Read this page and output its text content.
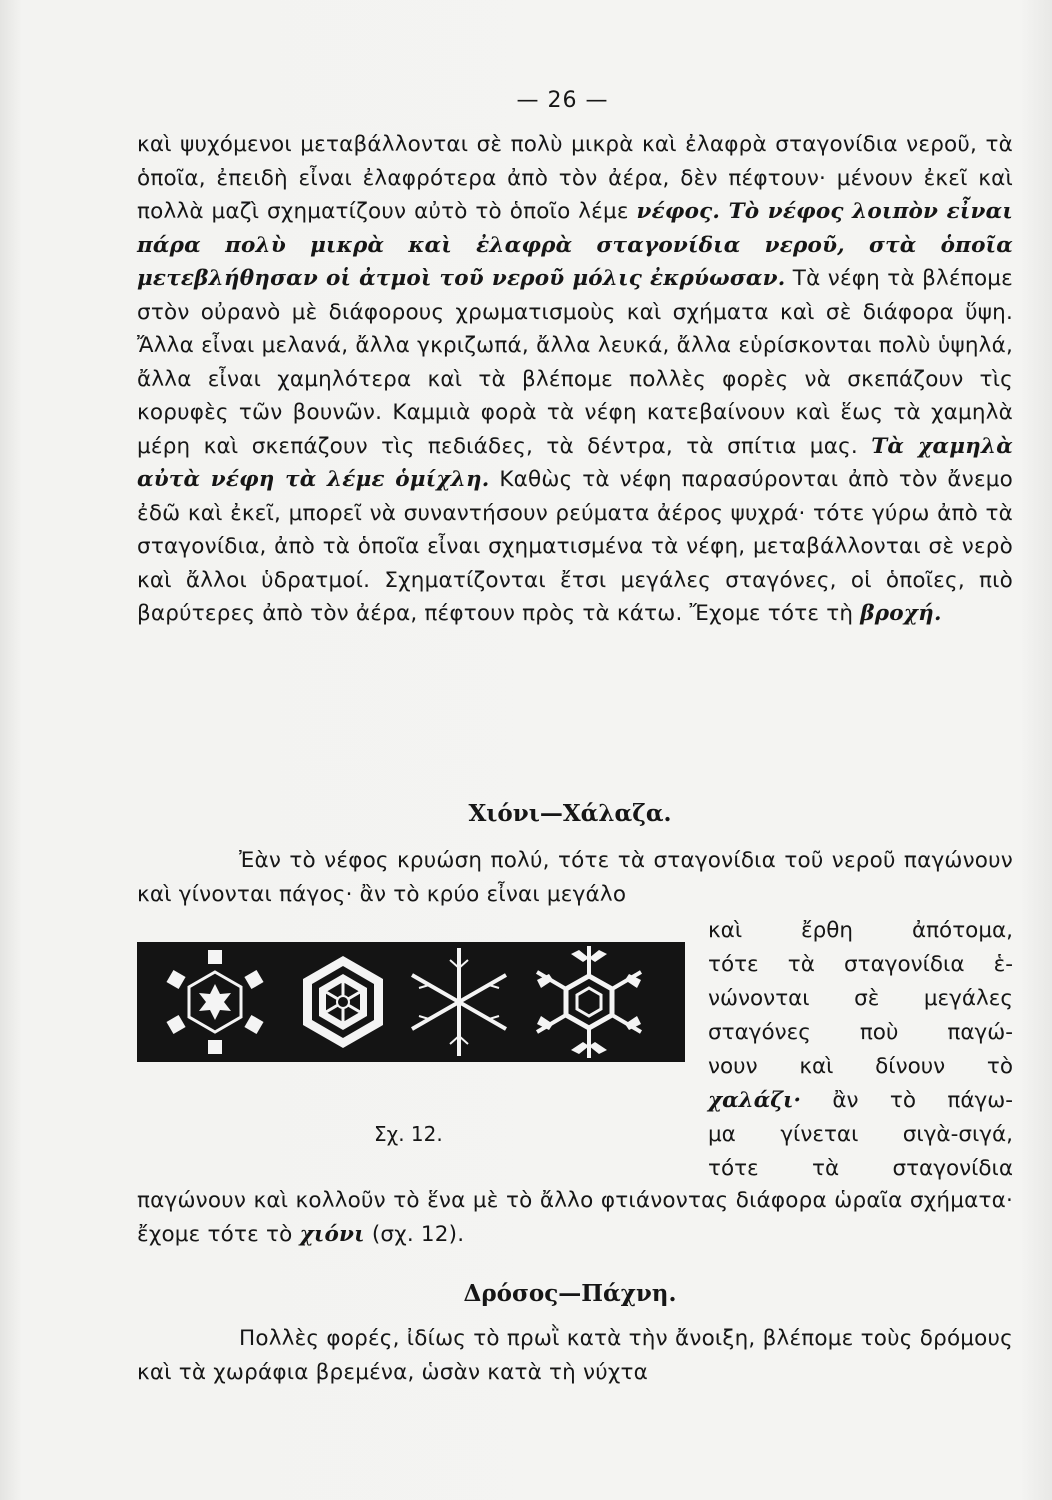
— 26 —

καὶ ψυχόμενοι μεταβάλλονται σὲ πολὺ μικρὰ καὶ ἐλαφρὰ σταγονίδια νεροῦ, τὰ ὁποῖα, ἐπειδὴ εἶναι ἐλαφρότερα ἀπὸ τὸν ἀέρα, δὲν πέφτουν· μένουν ἐκεῖ καὶ πολλὰ μαζὶ σχηματίζουν αὐτὸ τὸ ὁποῖο λέμε νέφος. Τὸ νέφος λοιπὸν εἶναι πάρα πολὺ μικρὰ καὶ ἐλαφρὰ σταγονίδια νεροῦ, στὰ ὁποῖα μετεβλήθησαν οἱ ἀτμοὶ τοῦ νεροῦ μόλις ἐκρύωσαν. Τὰ νέφη τὰ βλέπομε στὸν οὐρανὸ μὲ διάφορους χρωματισμοὺς καὶ σχήματα καὶ σὲ διάφορα ὕψη. Ἄλλα εἶναι μελανά, ἄλλα γκριζωπά, ἄλλα λευκά, ἄλλα εὑρίσκονται πολὺ ὑψηλά, ἄλλα εἶναι χαμηλότερα καὶ τὰ βλέπομε πολλὲς φορὲς νὰ σκεπάζουν τὶς κορυφὲς τῶν βουνῶν. Καμμιὰ φορὰ τὰ νέφη κατεβαίνουν καὶ ἕως τὰ χαμηλὰ μέρη καὶ σκεπάζουν τὶς πεδιάδες, τὰ δέντρα, τὰ σπίτια μας. Τὰ χαμηλὰ αὐτὰ νέφη τὰ λέμε ὁμίχλη. Καθὼς τὰ νέφη παρασύρονται ἀπὸ τὸν ἄνεμο ἐδῶ καὶ ἐκεῖ, μπορεῖ νὰ συναντήσουν ρεύματα ἀέρος ψυχρά· τότε γύρω ἀπὸ τὰ σταγονίδια, ἀπὸ τὰ ὁποῖα εἶναι σχηματισμένα τὰ νέφη, μεταβάλλονται σὲ νερὸ καὶ ἄλλοι ὑδρατμοί. Σχηματίζονται ἔτσι μεγάλες σταγόνες, οἱ ὁποῖες, πιὸ βαρύτερες ἀπὸ τὸν ἀέρα, πέφτουν πρὸς τὰ κάτω. Ἔχομε τότε τὴ βροχή.

Χιόνι—Χάλαζα.

Ἐὰν τὸ νέφος κρυώση πολύ, τότε τὰ σταγονίδια τοῦ νεροῦ παγώνουν καὶ γίνονται πάγος· ἂν τὸ κρύο εἶναι μεγάλο

Σχ. 12.
καὶ ἔρθη ἀπότομα,
τότε τὰ σταγονίδια ἑ-
νώνονται σὲ μεγάλες
σταγόνες ποὺ παγώ-
νουν καὶ δίνουν τὸ
χαλάζι· ἂν τὸ πάγω-
μα γίνεται σιγὰ-σιγά,
τότε τὰ σταγονίδια

παγώνουν καὶ κολλοῦν τὸ ἕνα μὲ τὸ ἄλλο φτιάνοντας διάφορα ὡραῖα σχήματα· ἔχομε τότε τὸ χιόνι (σχ. 12).

Δρόσος—Πάχνη.

Πολλὲς φορές, ἰδίως τὸ πρωῒ κατὰ τὴν ἄνοιξη, βλέπομε τοὺς δρόμους καὶ τὰ χωράφια βρεμένα, ὡσὰν κατὰ τὴ νύχτα
